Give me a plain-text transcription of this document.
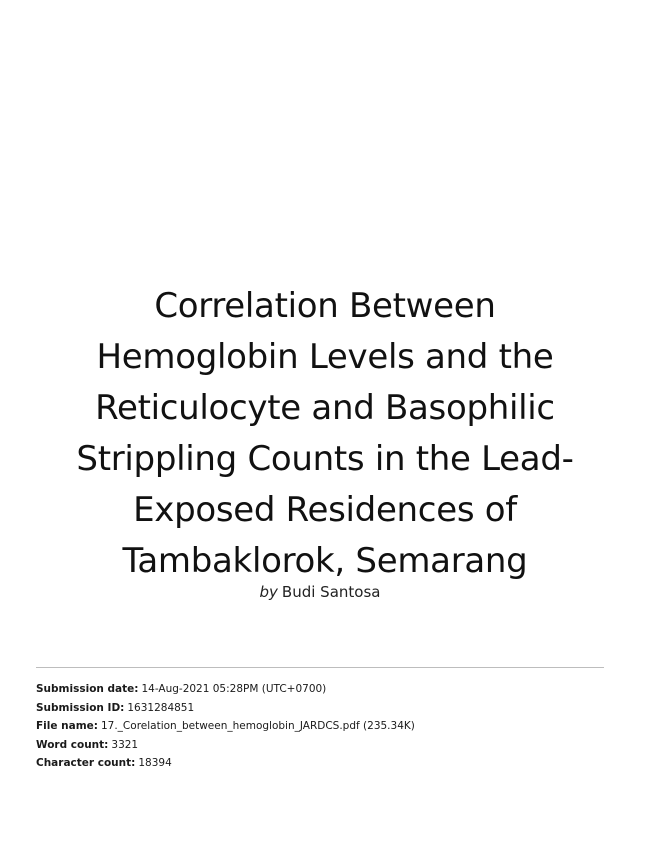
Correlation Between
Hemoglobin Levels and the
Reticulocyte and Basophilic
Strippling Counts in the Lead-
Exposed Residences of
Tambaklorok, Semarang
by Budi Santosa
Submission date: 14-Aug-2021 05:28PM (UTC+0700)
Submission ID: 1631284851
File name: 17._Corelation_between_hemoglobin_JARDCS.pdf (235.34K)
Word count: 3321
Character count: 18394
